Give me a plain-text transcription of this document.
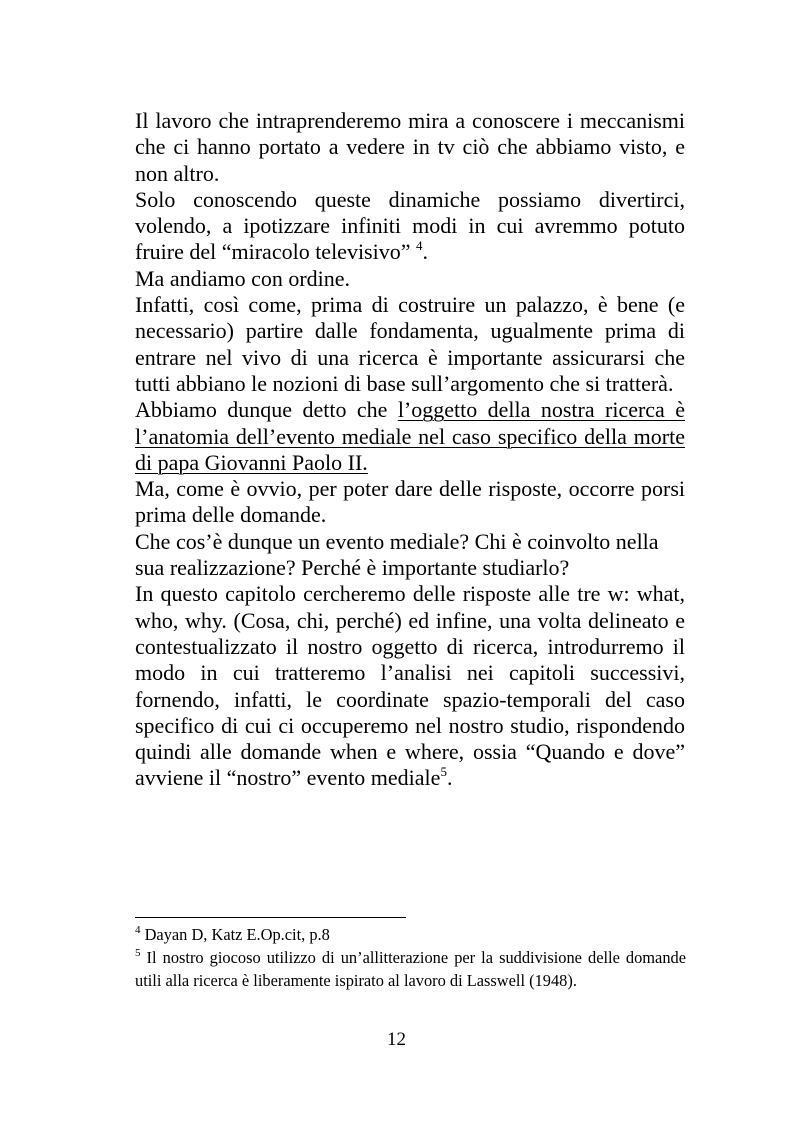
Il lavoro che intraprenderemo mira a conoscere i meccanismi che ci hanno portato a vedere in tv ciò che abbiamo visto, e non altro.

Solo conoscendo queste dinamiche possiamo divertirci, volendo, a ipotizzare infiniti modi in cui avremmo potuto fruire del “miracolo televisivo” $^4$.

Ma andiamo con ordine.

Infatti, così come, prima di costruire un palazzo, è bene (e necessario) partire dalle fondamenta, ugualmente prima di entrare nel vivo di una ricerca è importante assicurarsi che tutti abbiano le nozioni di base sull’argomento che si tratterà.

Abbiamo dunque detto che l’oggetto della nostra ricerca è l’anatomia dell’evento mediale nel caso specifico della morte di papa Giovanni Paolo II.

Ma, come è ovvio, per poter dare delle risposte, occorre porsi prima delle domande.

Che cos’è dunque un evento mediale? Chi è coinvolto nella sua realizzazione? Perché è importante studiarlo?

In questo capitolo cercheremo delle risposte alle tre w: what, who, why. (Cosa, chi, perché) ed infine, una volta delineato e contestualizzato il nostro oggetto di ricerca, introdurremo il modo in cui tratteremo l’analisi nei capitoli successivi, fornendo, infatti, le coordinate spazio-temporali del caso specifico di cui ci occuperemo nel nostro studio, rispondendo quindi alle domande when e where, ossia “Quando e dove” avviene il “nostro” evento mediale$^5$.

$^4$ Dayan D, Katz E.Op.cit, p.8

$^5$ Il nostro giocoso utilizzo di un’allitterazione per la suddivisione delle domande utili alla ricerca è liberamente ispirato al lavoro di Lasswell (1948).

12
